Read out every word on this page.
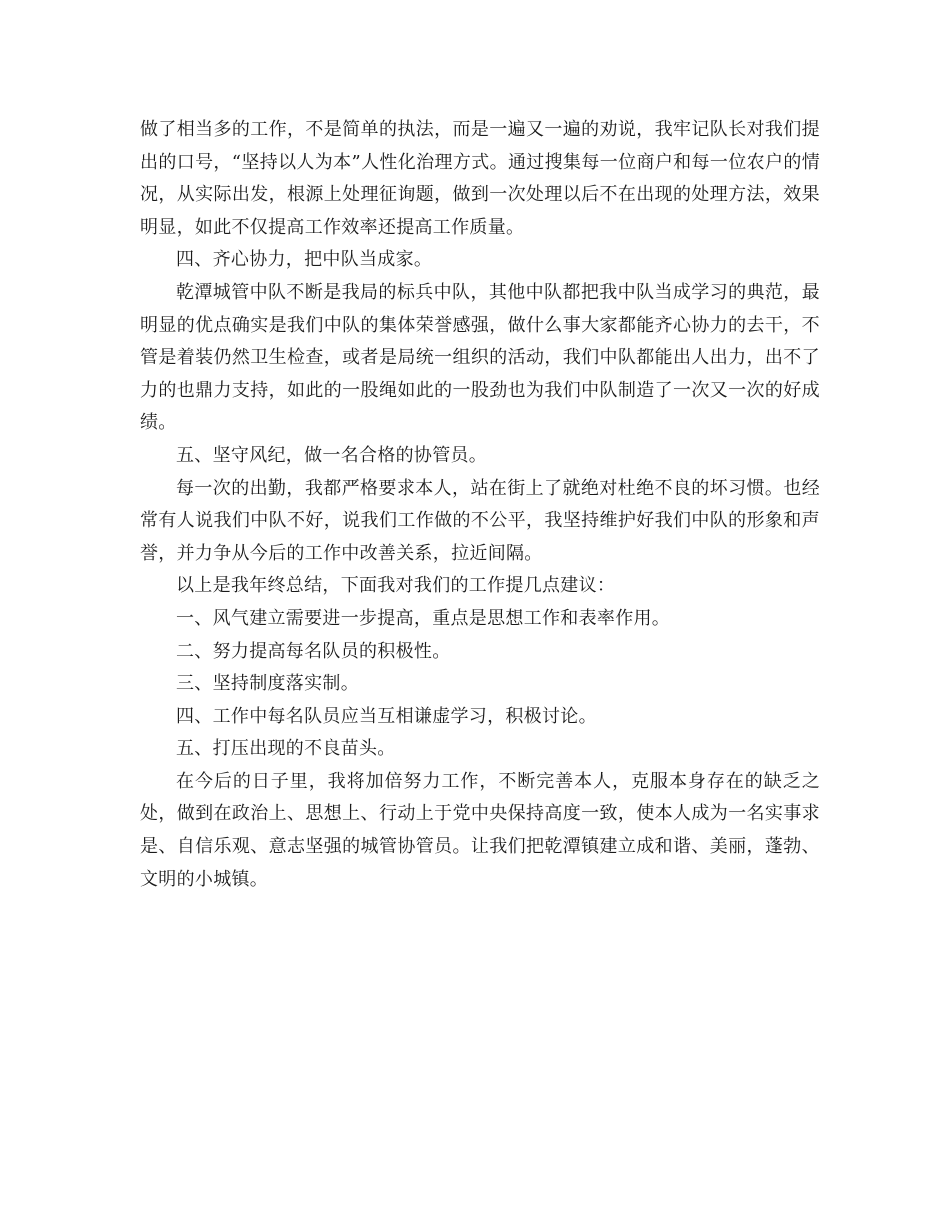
做了相当多的工作，不是简单的执法，而是一遍又一遍的劝说，我牢记队长对我们提出的口号，“坚持以人为本”人性化治理方式。通过搜集每一位商户和每一位农户的情况，从实际出发，根源上处理征询题，做到一次处理以后不在出现的处理方法，效果明显，如此不仅提高工作效率还提高工作质量。

四、齐心协力，把中队当成家。

乾潭城管中队不断是我局的标兵中队，其他中队都把我中队当成学习的典范，最明显的优点确实是我们中队的集体荣誉感强，做什么事大家都能齐心协力的去干，不管是着装仍然卫生检查，或者是局统一组织的活动，我们中队都能出人出力，出不了力的也鼎力支持，如此的一股绳如此的一股劲也为我们中队制造了一次又一次的好成绩。

五、坚守风纪，做一名合格的协管员。

每一次的出勤，我都严格要求本人，站在街上了就绝对杜绝不良的坏习惯。也经常有人说我们中队不好，说我们工作做的不公平，我坚持维护好我们中队的形象和声誉，并力争从今后的工作中改善关系，拉近间隔。

以上是我年终总结，下面我对我们的工作提几点建议：

一、风气建立需要进一步提高，重点是思想工作和表率作用。

二、努力提高每名队员的积极性。

三、坚持制度落实制。

四、工作中每名队员应当互相谦虚学习，积极讨论。

五、打压出现的不良苗头。

在今后的日子里，我将加倍努力工作，不断完善本人，克服本身存在的缺乏之处，做到在政治上、思想上、行动上于党中央保持高度一致，使本人成为一名实事求是、自信乐观、意志坚强的城管协管员。让我们把乾潭镇建立成和谐、美丽，蓬勃、文明的小城镇。
